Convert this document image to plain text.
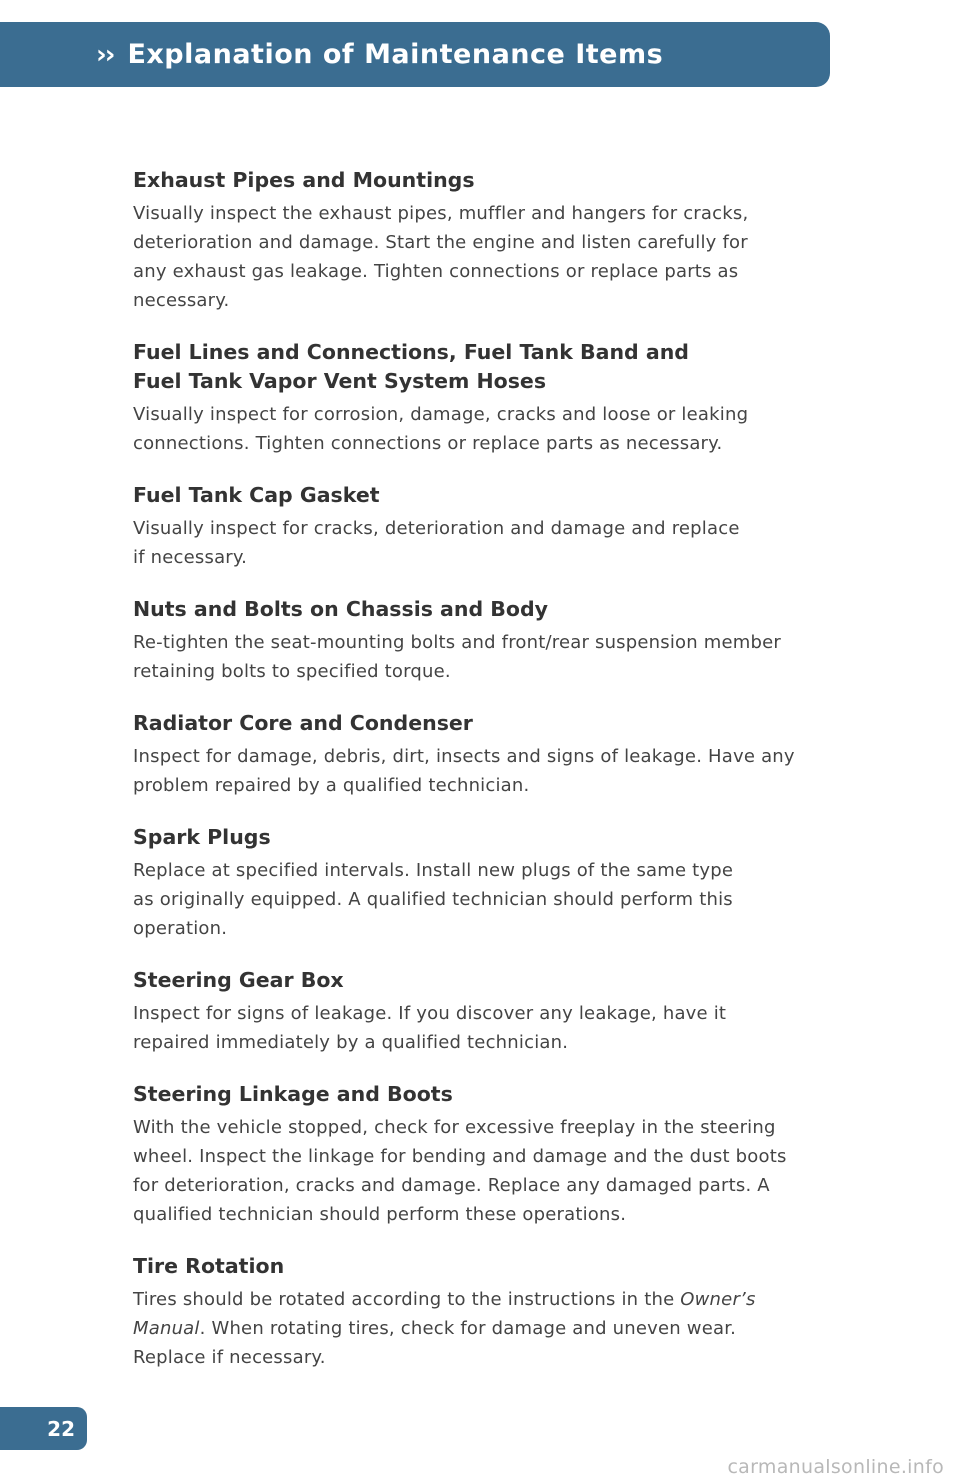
›› Explanation of Maintenance Items
Exhaust Pipes and Mountings

Visually inspect the exhaust pipes, muffler and hangers for cracks,
deterioration and damage. Start the engine and listen carefully for
any exhaust gas leakage. Tighten connections or replace parts as
necessary.

Fuel Lines and Connections, Fuel Tank Band and
Fuel Tank Vapor Vent System Hoses

Visually inspect for corrosion, damage, cracks and loose or leaking
connections. Tighten connections or replace parts as necessary.

Fuel Tank Cap Gasket

Visually inspect for cracks, deterioration and damage and replace
if necessary.

Nuts and Bolts on Chassis and Body

Re-tighten the seat-mounting bolts and front/rear suspension member
retaining bolts to specified torque.

Radiator Core and Condenser

Inspect for damage, debris, dirt, insects and signs of leakage. Have any
problem repaired by a qualified technician.

Spark Plugs

Replace at specified intervals. Install new plugs of the same type
as originally equipped. A qualified technician should perform this
operation.

Steering Gear Box

Inspect for signs of leakage. If you discover any leakage, have it
repaired immediately by a qualified technician.

Steering Linkage and Boots

With the vehicle stopped, check for excessive freeplay in the steering
wheel. Inspect the linkage for bending and damage and the dust boots
for deterioration, cracks and damage. Replace any damaged parts. A
qualified technician should perform these operations.

Tire Rotation

Tires should be rotated according to the instructions in the Owner’s
Manual. When rotating tires, check for damage and uneven wear.
Replace if necessary.

22
carmanualsonline.info
